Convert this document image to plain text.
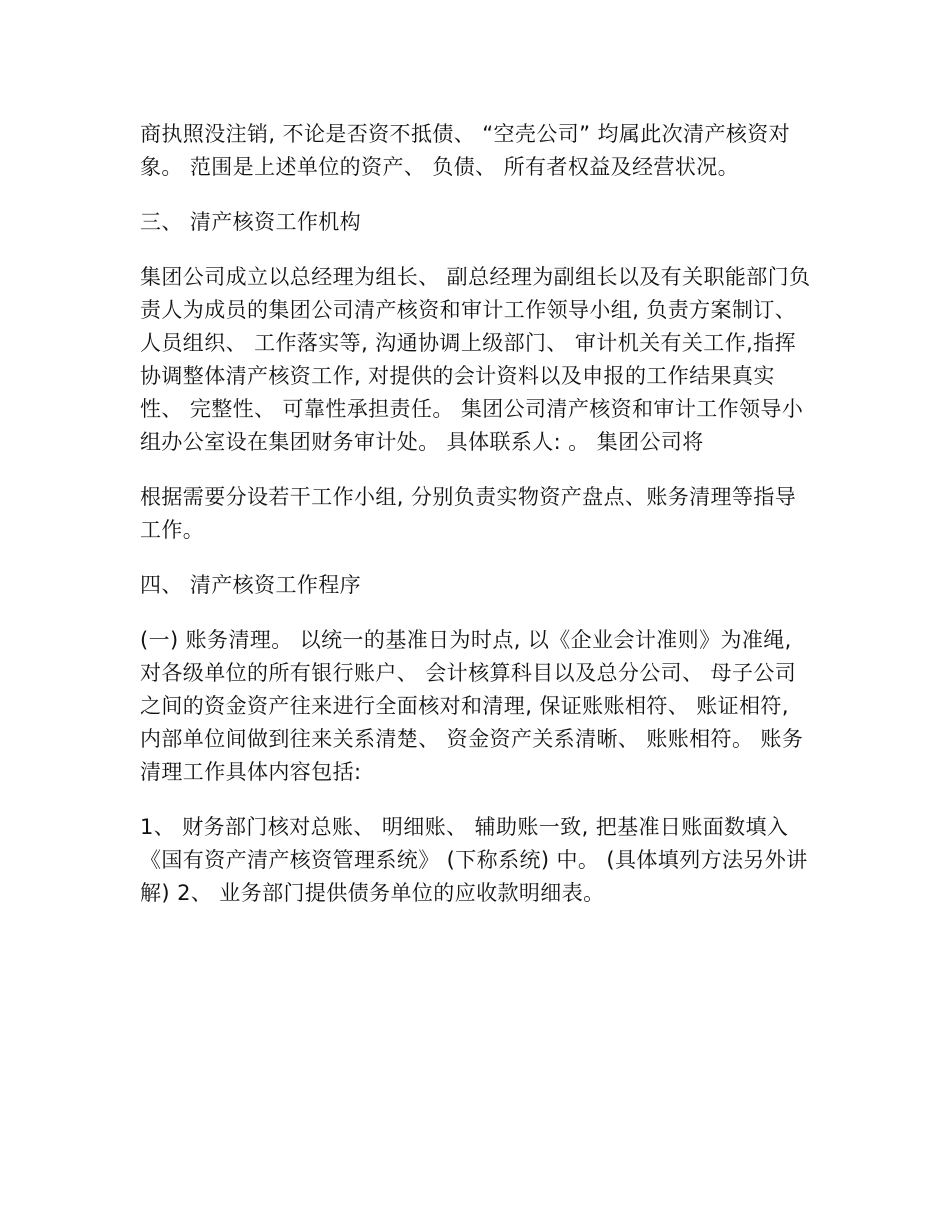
商执照没注销, 不论是否资不抵债、 “空壳公司” 均属此次清产核资对象。 范围是上述单位的资产、 负债、 所有者权益及经营状况。

三、 清产核资工作机构

集团公司成立以总经理为组长、 副总经理为副组长以及有关职能部门负责人为成员的集团公司清产核资和审计工作领导小组, 负责方案制订、 人员组织、 工作落实等, 沟通协调上级部门、 审计机关有关工作,指挥协调整体清产核资工作, 对提供的会计资料以及申报的工作结果真实性、 完整性、 可靠性承担责任。 集团公司清产核资和审计工作领导小组办公室设在集团财务审计处。 具体联系人: 。 集团公司将

根据需要分设若干工作小组, 分别负责实物资产盘点、账务清理等指导工作。

四、 清产核资工作程序

(一) 账务清理。 以统一的基准日为时点, 以《企业会计准则》为准绳, 对各级单位的所有银行账户、 会计核算科目以及总分公司、 母子公司之间的资金资产往来进行全面核对和清理, 保证账账相符、 账证相符, 内部单位间做到往来关系清楚、 资金资产关系清晰、 账账相符。 账务清理工作具体内容包括:

1、 财务部门核对总账、 明细账、 辅助账一致, 把基准日账面数填入《国有资产清产核资管理系统》 (下称系统) 中。 (具体填列方法另外讲解) 2、 业务部门提供债务单位的应收款明细表。
